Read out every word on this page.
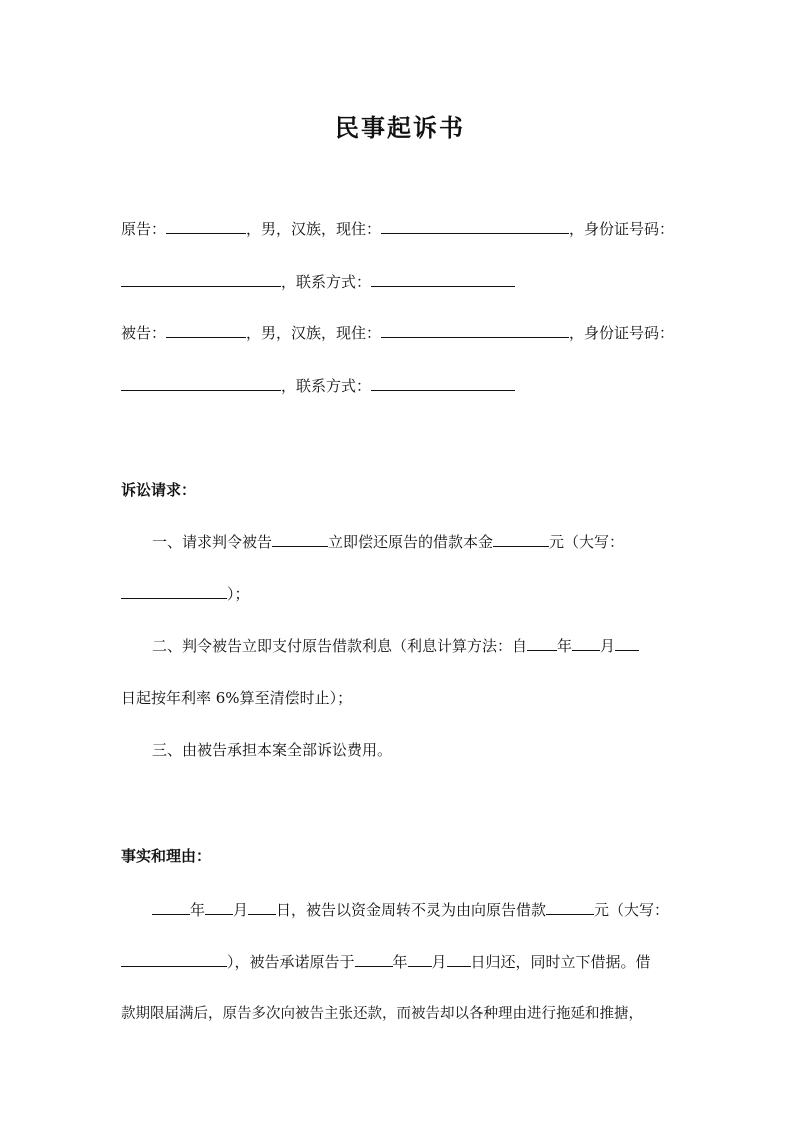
民事起诉书
原告：	，男，汉族，现住：	，身份证号码：
，联系方式：
被告：	，男，汉族，现住：	，身份证号码：
，联系方式：
诉讼请求：
一、请求判令被告	立即偿还原告的借款本金	元（大写：
）；
二、判令被告立即支付原告借款利息（利息计算方法：自 年 月
日起按年利率 6%算至清偿时止）；
三、由被告承担本案全部诉讼费用。
事实和理由：
年 月 日，被告以资金周转不灵为由向原告借款	元（大写：
），被告承诺原告于	年 月 日归还，同时立下借据。借
款期限届满后，原告多次向被告主张还款，而被告却以各种理由进行拖延和推搪，
